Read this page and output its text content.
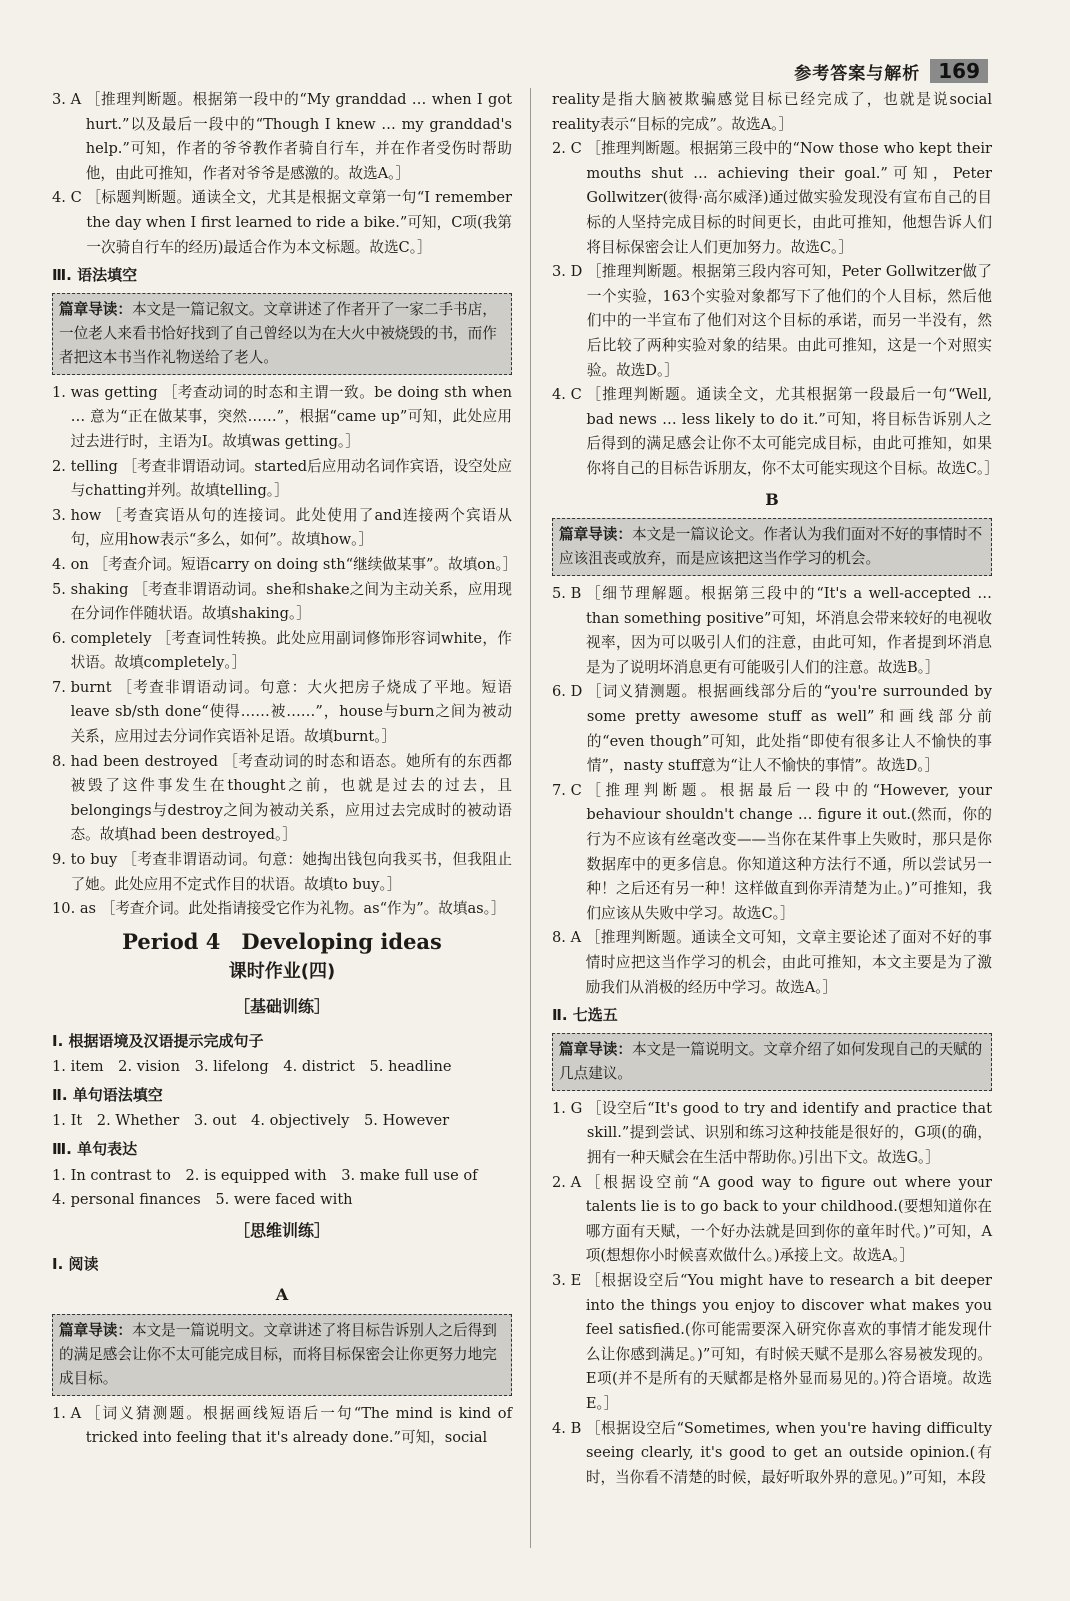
参考答案与解析 169
3. A ［推理判断题。根据第一段中的“My granddad … when I got hurt.”以及最后一段中的“Though I knew … my granddad's help.”可知，作者的爷爷教作者骑自行车，并在作者受伤时帮助他，由此可推知，作者对爷爷是感激的。故选A。］
4. C ［标题判断题。通读全文，尤其是根据文章第一句“I remember the day when I first learned to ride a bike.”可知，C项(我第一次骑自行车的经历)最适合作为本文标题。故选C。］
Ⅲ. 语法填空
篇章导读：本文是一篇记叙文。文章讲述了作者开了一家二手书店，一位老人来看书恰好找到了自己曾经以为在大火中被烧毁的书，而作者把这本书当作礼物送给了老人。
1. was getting ［考查动词的时态和主谓一致。be doing sth when … 意为“正在做某事，突然……”，根据“came up”可知，此处应用过去进行时，主语为I。故填was getting。］
2. telling ［考查非谓语动词。started后应用动名词作宾语，设空处应与chatting并列。故填telling。］
3. how ［考查宾语从句的连接词。此处使用了and连接两个宾语从句，应用how表示“多么，如何”。故填how。］
4. on ［考查介词。短语carry on doing sth“继续做某事”。故填on。］
5. shaking ［考查非谓语动词。she和shake之间为主动关系，应用现在分词作伴随状语。故填shaking。］
6. completely ［考查词性转换。此处应用副词修饰形容词white，作状语。故填completely。］
7. burnt ［考查非谓语动词。句意：大火把房子烧成了平地。短语leave sb/sth done“使得……被……”，house与burn之间为被动关系，应用过去分词作宾语补足语。故填burnt。］
8. had been destroyed ［考查动词的时态和语态。她所有的东西都被毁了这件事发生在thought之前，也就是过去的过去，且belongings与destroy之间为被动关系，应用过去完成时的被动语态。故填had been destroyed。］
9. to buy ［考查非谓语动词。句意：她掏出钱包向我买书，但我阻止了她。此处应用不定式作目的状语。故填to buy。］
10. as ［考查介词。此处指请接受它作为礼物。as“作为”。故填as。］
Period 4　Developing ideas
课时作业(四)
［基础训练］
Ⅰ. 根据语境及汉语提示完成句子
1. item　2. vision　3. lifelong　4. district　5. headline
Ⅱ. 单句语法填空
1. It　2. Whether　3. out　4. objectively　5. However
Ⅲ. 单句表达
1. In contrast to　2. is equipped with　3. make full use of
4. personal finances　5. were faced with
［思维训练］
Ⅰ. 阅读
A
篇章导读：本文是一篇说明文。文章讲述了将目标告诉别人之后得到的满足感会让你不太可能完成目标，而将目标保密会让你更努力地完成目标。
1. A ［词义猜测题。根据画线短语后一句“The mind is kind of tricked into feeling that it's already done.”可知，social
reality是指大脑被欺骗感觉目标已经完成了，也就是说social reality表示“目标的完成”。故选A。］
2. C ［推理判断题。根据第三段中的“Now those who kept their mouths shut … achieving their goal.”可知，Peter Gollwitzer(彼得·高尔威泽)通过做实验发现没有宣布自己的目标的人坚持完成目标的时间更长，由此可推知，他想告诉人们将目标保密会让人们更加努力。故选C。］
3. D ［推理判断题。根据第三段内容可知，Peter Gollwitzer做了一个实验，163个实验对象都写下了他们的个人目标，然后他们中的一半宣布了他们对这个目标的承诺，而另一半没有，然后比较了两种实验对象的结果。由此可推知，这是一个对照实验。故选D。］
4. C ［推理判断题。通读全文，尤其根据第一段最后一句“Well, bad news … less likely to do it.”可知，将目标告诉别人之后得到的满足感会让你不太可能完成目标，由此可推知，如果你将自己的目标告诉朋友，你不太可能实现这个目标。故选C。］
B
篇章导读：本文是一篇议论文。作者认为我们面对不好的事情时不应该沮丧或放弃，而是应该把这当作学习的机会。
5. B ［细节理解题。根据第三段中的“It's a well-accepted … than something positive”可知，坏消息会带来较好的电视收视率，因为可以吸引人们的注意，由此可知，作者提到坏消息是为了说明坏消息更有可能吸引人们的注意。故选B。］
6. D ［词义猜测题。根据画线部分后的“you're surrounded by some pretty awesome stuff as well”和画线部分前的“even though”可知，此处指“即使有很多让人不愉快的事情”，nasty stuff意为“让人不愉快的事情”。故选D。］
7. C ［推理判断题。根据最后一段中的“However, your behaviour shouldn't change … figure it out.(然而，你的行为不应该有丝毫改变——当你在某件事上失败时，那只是你数据库中的更多信息。你知道这种方法行不通，所以尝试另一种！之后还有另一种！这样做直到你弄清楚为止。)”可推知，我们应该从失败中学习。故选C。］
8. A ［推理判断题。通读全文可知，文章主要论述了面对不好的事情时应把这当作学习的机会，由此可推知，本文主要是为了激励我们从消极的经历中学习。故选A。］
Ⅱ. 七选五
篇章导读：本文是一篇说明文。文章介绍了如何发现自己的天赋的几点建议。
1. G ［设空后“It's good to try and identify and practice that skill.”提到尝试、识别和练习这种技能是很好的，G项(的确，拥有一种天赋会在生活中帮助你。)引出下文。故选G。］
2. A ［根据设空前“A good way to figure out where your talents lie is to go back to your childhood.(要想知道你在哪方面有天赋，一个好办法就是回到你的童年时代。)”可知，A项(想想你小时候喜欢做什么。)承接上文。故选A。］
3. E ［根据设空后“You might have to research a bit deeper into the things you enjoy to discover what makes you feel satisfied.(你可能需要深入研究你喜欢的事情才能发现什么让你感到满足。)”可知，有时候天赋不是那么容易被发现的。E项(并不是所有的天赋都是格外显而易见的。)符合语境。故选E。］
4. B ［根据设空后“Sometimes, when you're having difficulty seeing clearly, it's good to get an outside opinion.(有时，当你看不清楚的时候，最好听取外界的意见。)”可知，本段
